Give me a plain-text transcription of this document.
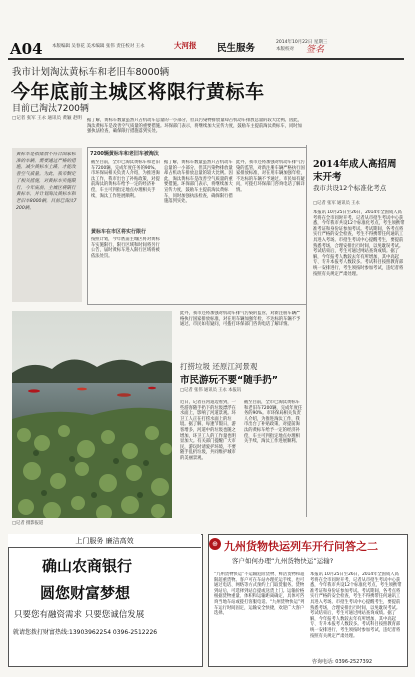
A04 本版编辑 吴春花 美术编辑 张伟 责任校对 王永	大河报 民生服务
2014年10月22日 星期三
本版校对 签名
我市计划淘汰黄标车和老旧车8000辆
今年底前主城区将限行黄标车
目前已淘汰7200辆
□记者 张军 王永 通讯员 黄颖 赵明 据了解，黄标车数量虽然只占机动车总量的一小部分，但其污染物排放量却占机动车排放总量的较大比例。因此，淘汰黄标车是改善空气质量的重要措施。环保部门表示，将继续加大宣传力度，鼓励车主提前淘汰黄标车，同时加强执法检查，确保限行措施落到实处。
黄标车是指排放不符合国家标准的车辆，需要通过严格的措施，减少黄标车上路，才能改善空气质量。为此，我市制定了相关措施，对黄标车实施限行，今年底前，主城区将限行黄标车，并计划淘汰黄标车和老旧车8000辆，目前已淘汰7200辆。
7200辆黄标车和老旧车被淘汰
截至目前，全市已淘汰黄标车和老旧车7200辆，完成年度任务的90%。市环保局相关负责人介绍，为推进淘汰工作，我市出台了补贴政策，对提前淘汰的黄标车给予一定的经济补偿，车主可到指定地点办理相关手续，淘汰工作进展顺利。
黄标车在市区将实行限行
按照计划，今年底前主城区将对黄标车实施限行，限行区域和时间将另行公告，届时黄标车进入限行区域将被依法处罚。
据了解，黄标车数量虽然只占机动车总量的一小部分，但其污染物排放量却占机动车排放总量的较大比例。因此，淘汰黄标车是改善空气质量的重要措施。环保部门表示，将继续加大宣传力度，鼓励车主提前淘汰黄标车，同时加强执法检查，确保限行措施落到实处。
此外，我市还将加强对机动车排气污染的监管，对新注册车辆严格执行国家排放标准，对在用车辆加强年检，不达标的车辆不予通过。市民如有疑问，可拨打环保部门咨询电话了解详情。
□记者 摄影报道
此外，我市还将加强对机动车排气污染的监管，对新注册车辆严格执行国家排放标准，对在用车辆加强年检，不达标的车辆不予通过。市民如有疑问，可拨打环保部门咨询电话了解详情。
打捞垃圾 还原江河景观
市民游玩不要“随手扔”
□记者 张伟 通讯员 王永 本报讯
近日，记者在河道边看到，一些游客随手扔下的垃圾漂浮在水面上，影响了河道景观。环卫工人正在打捞水面上的垃圾。据了解，每逢节假日，游客增多，河道中的垃圾也随之增加，环卫工人的工作量也明显加大。有关部门提醒广大市民，游玩时请爱护环境，不要随手乱扔垃圾，共同维护城市的美丽景观。
截至目前，全市已淘汰黄标车和老旧车7200辆，完成年度任务的90%。市环保局相关负责人介绍，为推进淘汰工作，我市出台了补贴政策，对提前淘汰的黄标车给予一定的经济补偿，车主可到指定地点办理相关手续，淘汰工作进展顺利。
2014年成人高招周末开考
我市共设12个标准化考点
□记者 张军 通讯员 王永
本报讯 10月25日至26日，2014年全国成人高考将在全市同时开考。记者从市招生考试中心获悉，今年我市共设12个标准化考点，考生须携带准考证和身份证参加考试。考试期间，各考点将实行严格的安全检查，考生不得携带任何通讯工具进入考场。市招生考试中心提醒考生，要提前熟悉考场，合理安排出行时间，以免耽误考试。考试结束后，考生可通过网站查询成绩。据了解，今年报考人数较去年有所增加，其中高起专、专升本报考人数较多。考试科目按照教育部统一安排进行，考生须按时参加考试，违纪者将按照有关规定严肃处理。
上门服务 廉洁高效
确山农商银行
圆您财富梦想
只要您有融资需求 只要您诚信发展
就请您拨打财富热线:13903962254 0396-2512226
⊕ 九州货物快运列车开行问答之二
客户如何办理“九州货物快运”运输?
“九州货物快运”不运输危险货物、鲜活货物和超限超重货物。客户可在车站办理托运手续，也可通过电话、网络等方式预约上门取货服务。货物到站后，可选择到站自提或送货上门。运输价格根据货物重量、体积和运输距离确定，具体可咨询当地车站或拨打客服电话。“九州货物快运”列车运行时间固定，运输安全快捷，欢迎广大客户选择。
本报讯 10月25日至26日，2014年全国成人高考将在全市同时开考。记者从市招生考试中心获悉，今年我市共设12个标准化考点，考生须携带准考证和身份证参加考试。考试期间，各考点将实行严格的安全检查，考生不得携带任何通讯工具进入考场。市招生考试中心提醒考生，要提前熟悉考场，合理安排出行时间，以免耽误考试。考试结束后，考生可通过网站查询成绩。据了解，今年报考人数较去年有所增加，其中高起专、专升本报考人数较多。考试科目按照教育部统一安排进行，考生须按时参加考试，违纪者将按照有关规定严肃处理。
咨询电话: 0396-2527392
